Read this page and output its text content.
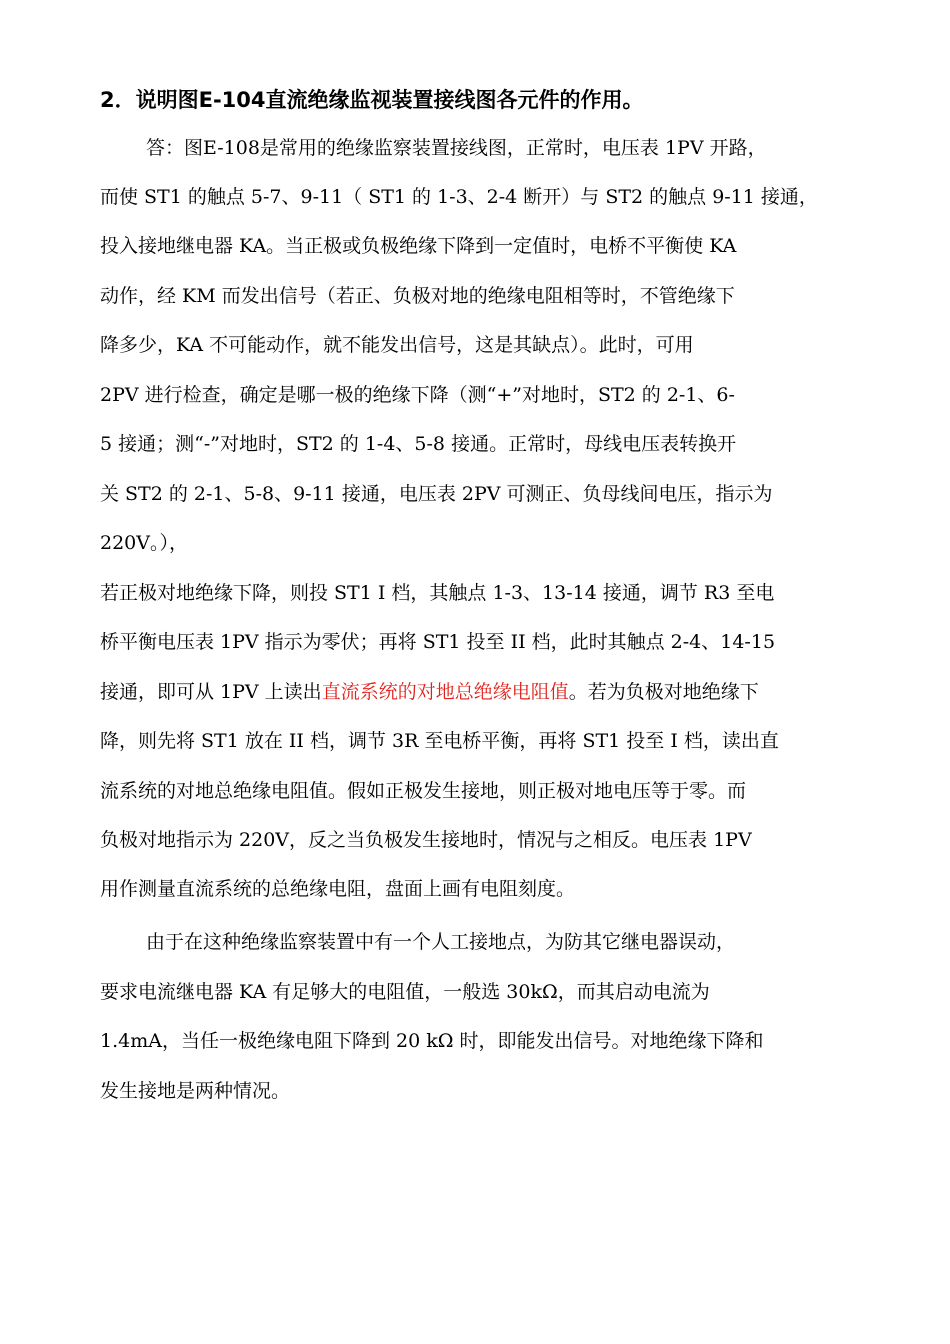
2．说明图E-104直流绝缘监视装置接线图各元件的作用。
答：图E-108是常用的绝缘监察装置接线图，正常时，电压表 1PV 开路，
而使 ST1 的触点 5-7、9-11（ ST1 的 1-3、2-4 断开）与 ST2 的触点 9-11 接通，
投入接地继电器 KA。当正极或负极绝缘下降到一定值时，电桥不平衡使 KA
动作，经 KM 而发出信号（若正、负极对地的绝缘电阻相等时，不管绝缘下
降多少，KA 不可能动作，就不能发出信号，这是其缺点）。此时，可用
2PV 进行检查，确定是哪一极的绝缘下降（测“+”对地时，ST2 的 2-1、6-
5 接通；测“-”对地时，ST2 的 1-4、5-8 接通。正常时，母线电压表转换开
关 ST2 的 2-1、5-8、9-11 接通，电压表 2PV 可测正、负母线间电压，指示为
220V。），
若正极对地绝缘下降，则投 ST1 I 档，其触点 1-3、13-14 接通，调节 R3 至电
桥平衡电压表 1PV 指示为零伏；再将 ST1 投至 II 档，此时其触点 2-4、14-15
接通，即可从 1PV 上读出直流系统的对地总绝缘电阻值。若为负极对地绝缘下
降，则先将 ST1 放在 II 档，调节 3R 至电桥平衡，再将 ST1 投至 I 档，读出直
流系统的对地总绝缘电阻值。假如正极发生接地，则正极对地电压等于零。而
负极对地指示为 220V，反之当负极发生接地时，情况与之相反。电压表 1PV
用作测量直流系统的总绝缘电阻，盘面上画有电阻刻度。
由于在这种绝缘监察装置中有一个人工接地点，为防其它继电器误动，
要求电流继电器 KA 有足够大的电阻值，一般选 30kΩ，而其启动电流为
1.4mA，当任一极绝缘电阻下降到 20 kΩ 时，即能发出信号。对地绝缘下降和
发生接地是两种情况。
